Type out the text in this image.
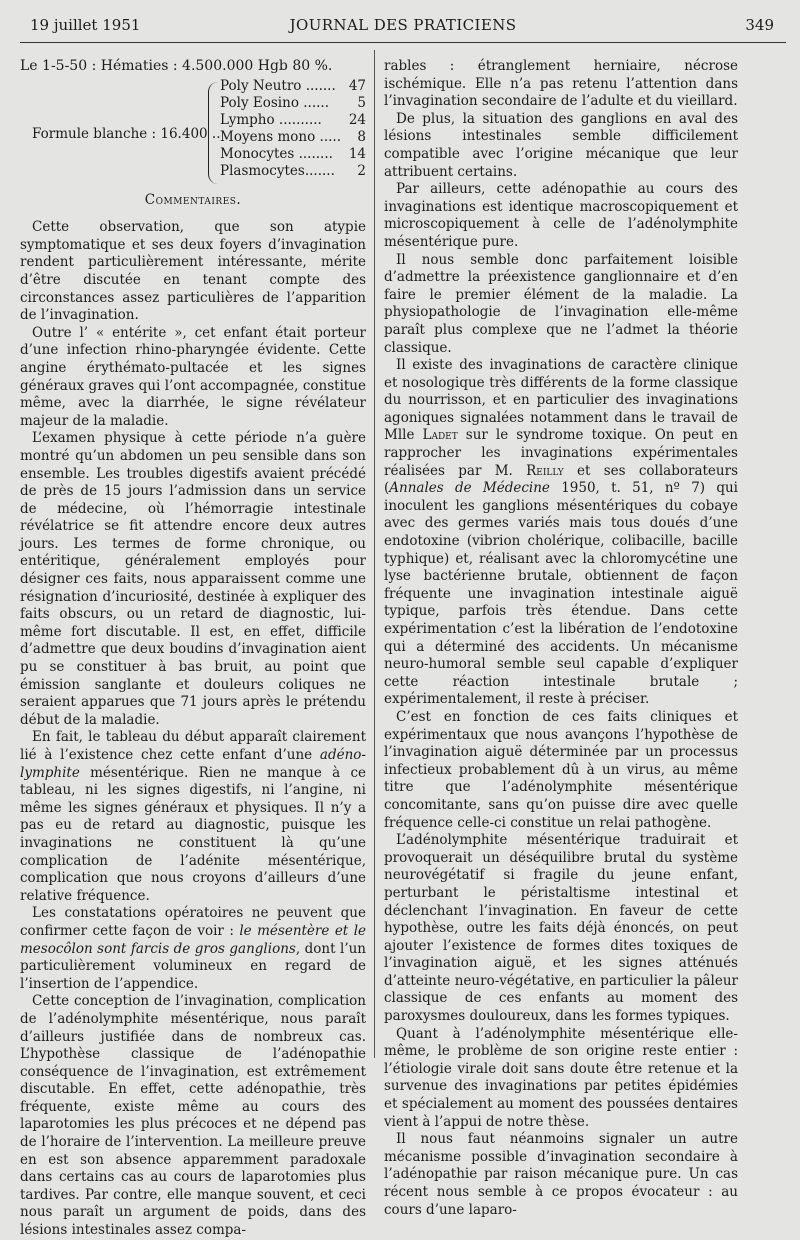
19 juillet 1951	JOURNAL DES PRATICIENS	349

Le 1-5-50 : Hématies : 4.500.000 Hgb 80 %.

Formule blanche : 16.400 ..
Poly Neutro ....... 47
Poly Eosino ......	5
Lympho ..........	24
Moyens mono .....	8
Monocytes ........	14
Plasmocytes.......	2

Commentaires.

Cette observation, que son atypie symptomatique et ses deux foyers d’invagination rendent particulièrement intéressante, mérite d’être discutée en tenant compte des circonstances assez particulières de l’apparition de l’invagination.

Outre l’ « entérite », cet enfant était porteur d’une infection rhino-pharyngée évidente. Cette angine érythémato-pultacée et les signes généraux graves qui l’ont accompagnée, constitue même, avec la diarrhée, le signe révélateur majeur de la maladie.

L’examen physique à cette période n’a guère montré qu’un abdomen un peu sensible dans son ensemble. Les troubles digestifs avaient précédé de près de 15 jours l’admission dans un service de médecine, où l’hémorragie intestinale révélatrice se fit attendre encore deux autres jours. Les termes de forme chronique, ou entéritique, généralement employés pour désigner ces faits, nous apparaissent comme une résignation d’incuriosité, destinée à expliquer des faits obscurs, ou un retard de diagnostic, lui-même fort discutable. Il est, en effet, difficile d’admettre que deux boudins d’invagination aient pu se constituer à bas bruit, au point que émission sanglante et douleurs coliques ne seraient apparues que 71 jours après le prétendu début de la maladie.

En fait, le tableau du début apparaît clairement lié à l’existence chez cette enfant d’une adéno-lymphite mésentérique. Rien ne manque à ce tableau, ni les signes digestifs, ni l’angine, ni même les signes généraux et physiques. Il n’y a pas eu de retard au diagnostic, puisque les invaginations ne constituent là qu’une complication de l’adénite mésentérique, complication que nous croyons d’ailleurs d’une relative fréquence.

Les constatations opératoires ne peuvent que confirmer cette façon de voir : le mésentère et le mesocôlon sont farcis de gros ganglions, dont l’un particulièrement volumineux en regard de l’insertion de l’appendice.

Cette conception de l’invagination, complication de l’adénolymphite mésentérique, nous paraît d’ailleurs justifiée dans de nombreux cas. L’hypothèse classique de l’adénopathie conséquence de l’invagination, est extrêmement discutable. En effet, cette adénopathie, très fréquente, existe même au cours des laparotomies les plus précoces et ne dépend pas de l’horaire de l’intervention. La meilleure preuve en est son absence apparemment paradoxale dans certains cas au cours de laparotomies plus tardives. Par contre, elle manque souvent, et ceci nous paraît un argument de poids, dans des lésions intestinales assez compa-

rables : étranglement herniaire, nécrose ischémique. Elle n’a pas retenu l’attention dans l’invagination secondaire de l’adulte et du vieillard.

De plus, la situation des ganglions en aval des lésions intestinales semble difficilement compatible avec l’origine mécanique que leur attribuent certains.

Par ailleurs, cette adénopathie au cours des invaginations est identique macroscopiquement et microscopiquement à celle de l’adénolymphite mésentérique pure.

Il nous semble donc parfaitement loisible d’admettre la préexistence ganglionnaire et d’en faire le premier élément de la maladie. La physiopathologie de l’invagination elle-même paraît plus complexe que ne l’admet la théorie classique.

Il existe des invaginations de caractère clinique et nosologique très différents de la forme classique du nourrisson, et en particulier des invaginations agoniques signalées notamment dans le travail de Mlle Ladet sur le syndrome toxique. On peut en rapprocher les invaginations expérimentales réalisées par M. Reilly et ses collaborateurs (Annales de Médecine 1950, t. 51, nº 7) qui inoculent les ganglions mésentériques du cobaye avec des germes variés mais tous doués d’une endotoxine (vibrion cholérique, colibacille, bacille typhique) et, réalisant avec la chloromycétine une lyse bactérienne brutale, obtiennent de façon fréquente une invagination intestinale aiguë typique, parfois très étendue. Dans cette expérimentation c’est la libération de l’endotoxine qui a déterminé des accidents. Un mécanisme neuro-humoral semble seul capable d’expliquer cette réaction intestinale brutale ; expérimentalement, il reste à préciser.

C’est en fonction de ces faits cliniques et expérimentaux que nous avançons l’hypothèse de l’invagination aiguë déterminée par un processus infectieux probablement dû à un virus, au même titre que l’adénolymphite mésentérique concomitante, sans qu’on puisse dire avec quelle fréquence celle-ci constitue un relai pathogène.

L’adénolymphite mésentérique traduirait et provoquerait un déséquilibre brutal du système neurovégétatif si fragile du jeune enfant, perturbant le péristaltisme intestinal et déclenchant l’invagination. En faveur de cette hypothèse, outre les faits déjà énoncés, on peut ajouter l’existence de formes dites toxiques de l’invagination aiguë, et les signes atténués d’atteinte neuro-végétative, en particulier la pâleur classique de ces enfants au moment des paroxysmes douloureux, dans les formes typiques.

Quant à l’adénolymphite mésentérique elle-même, le problème de son origine reste entier : l’étiologie virale doit sans doute être retenue et la survenue des invaginations par petites épidémies et spécialement au moment des poussées dentaires vient à l’appui de notre thèse.

Il nous faut néanmoins signaler un autre mécanisme possible d’invagination secondaire à l’adénopathie par raison mécanique pure. Un cas récent nous semble à ce propos évocateur : au cours d’une laparo-
